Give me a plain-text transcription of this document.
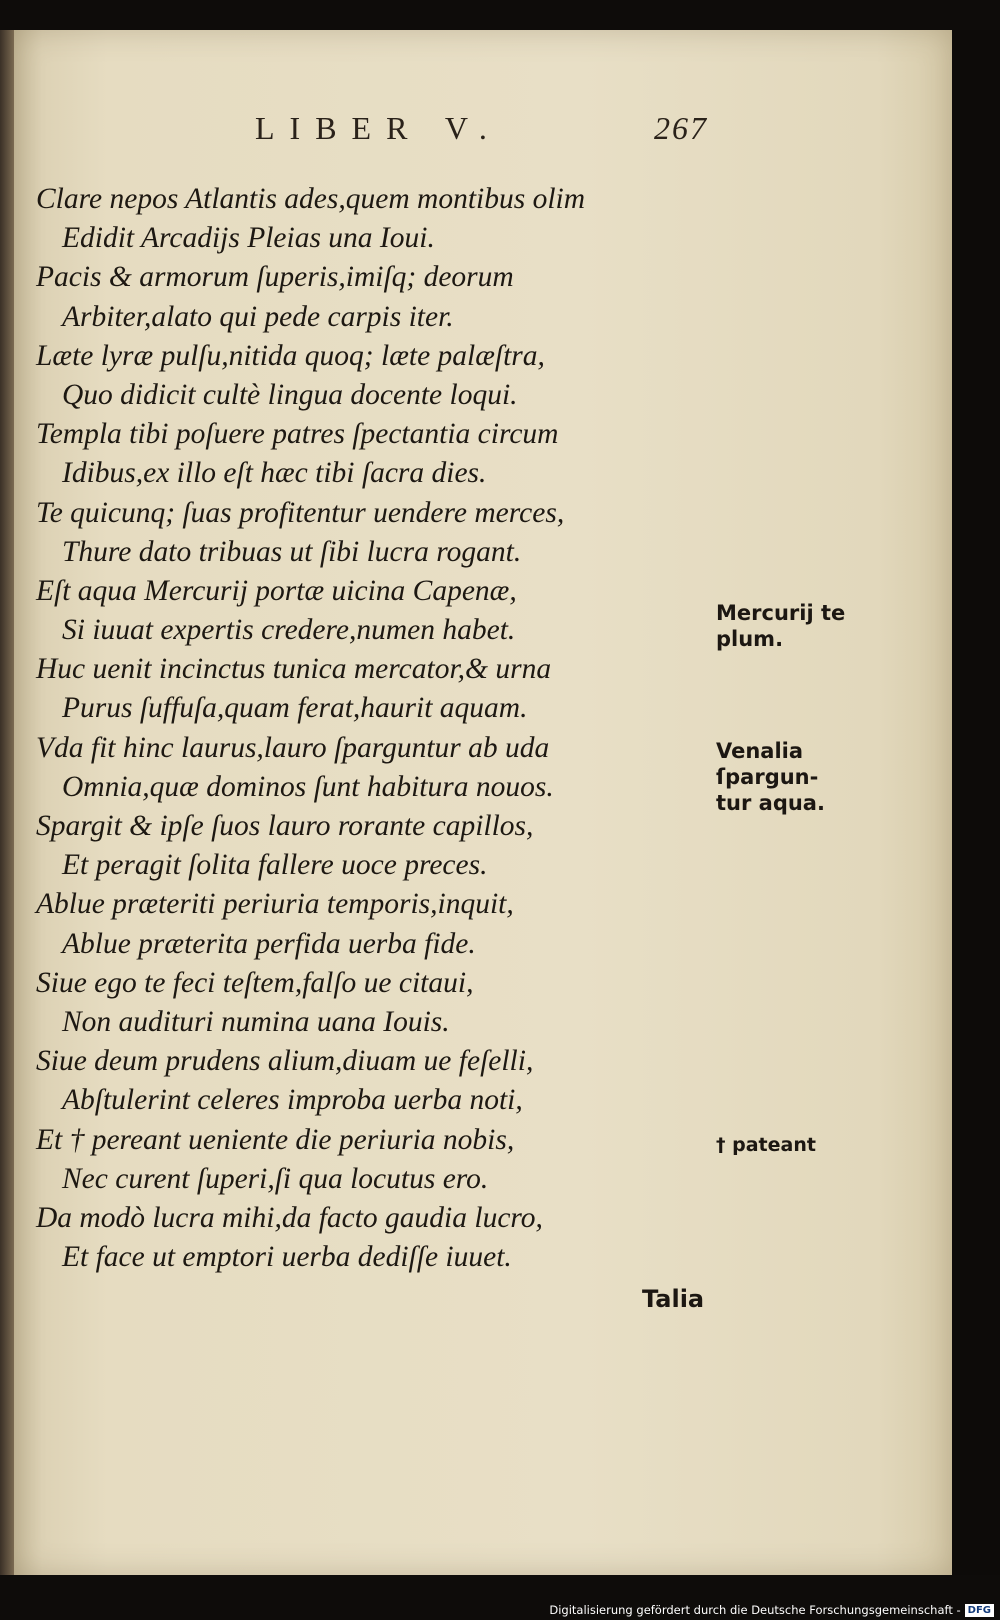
LIBER V.	267
Clare nepos Atlantis ades,quem montibus olim
Edidit Arcadijs Pleias una Ioui.
Pacis & armorum ſuperis,imiſq; deorum
Arbiter,alato qui pede carpis iter.
Læte lyræ pulſu,nitida quoq; læte palæſtra,
Quo didicit cultè lingua docente loqui.
Templa tibi poſuere patres ſpectantia circum
Idibus,ex illo eſt hæc tibi ſacra dies.
Te quicunq; ſuas profitentur uendere merces,
Thure dato tribuas ut ſibi lucra rogant.
Eſt aqua Mercurij portæ uicina Capenæ,
Si iuuat expertis credere,numen habet.
Huc uenit incinctus tunica mercator,& urna
Purus ſuffuſa,quam ferat,haurit aquam.
Vda fit hinc laurus,lauro ſparguntur ab uda
Omnia,quæ dominos ſunt habitura nouos.
Spargit & ipſe ſuos lauro rorante capillos,
Et peragit ſolita fallere uoce preces.
Ablue præteriti periuria temporis,inquit,
Ablue præterita perfida uerba fide.
Siue ego te feci teſtem,falſo ue citaui,
Non audituri numina uana Iouis.
Siue deum prudens alium,diuam ue feſelli,
Abſtulerint celeres improba uerba noti,
Et † pereant ueniente die periuria nobis,
Nec curent ſuperi,ſi qua locutus ero.
Da modò lucra mihi,da facto gaudia lucro,
Et face ut emptori uerba dediſſe iuuet.
Mercurij te
plum.
Venalia
ſpargun-
tur aqua.
† pateant
Talia
Digitalisierung gefördert durch die Deutsche Forschungsgemeinschaft - DFG
